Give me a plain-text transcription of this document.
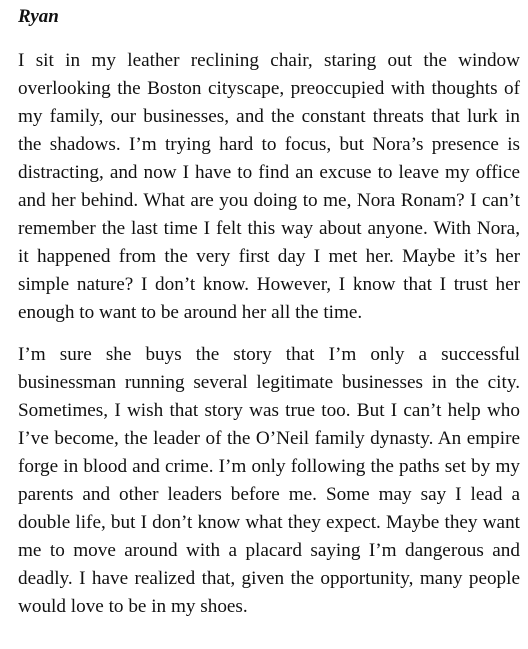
Ryan

I sit in my leather reclining chair, staring out the window overlooking the Boston cityscape, preoccupied with thoughts of my family, our businesses, and the constant threats that lurk in the shadows. I’m trying hard to focus, but Nora’s presence is distracting, and now I have to find an excuse to leave my office and her behind. What are you doing to me, Nora Ronam? I can’t remember the last time I felt this way about anyone. With Nora, it happened from the very first day I met her. Maybe it’s her simple nature? I don’t know. However, I know that I trust her enough to want to be around her all the time.

I’m sure she buys the story that I’m only a successful businessman running several legitimate businesses in the city. Sometimes, I wish that story was true too. But I can’t help who I’ve become, the leader of the O’Neil family dynasty. An empire forge in blood and crime. I’m only following the paths set by my parents and other leaders before me. Some may say I lead a double life, but I don’t know what they expect. Maybe they want me to move around with a placard saying I’m dangerous and deadly. I have realized that, given the opportunity, many people would love to be in my shoes.
